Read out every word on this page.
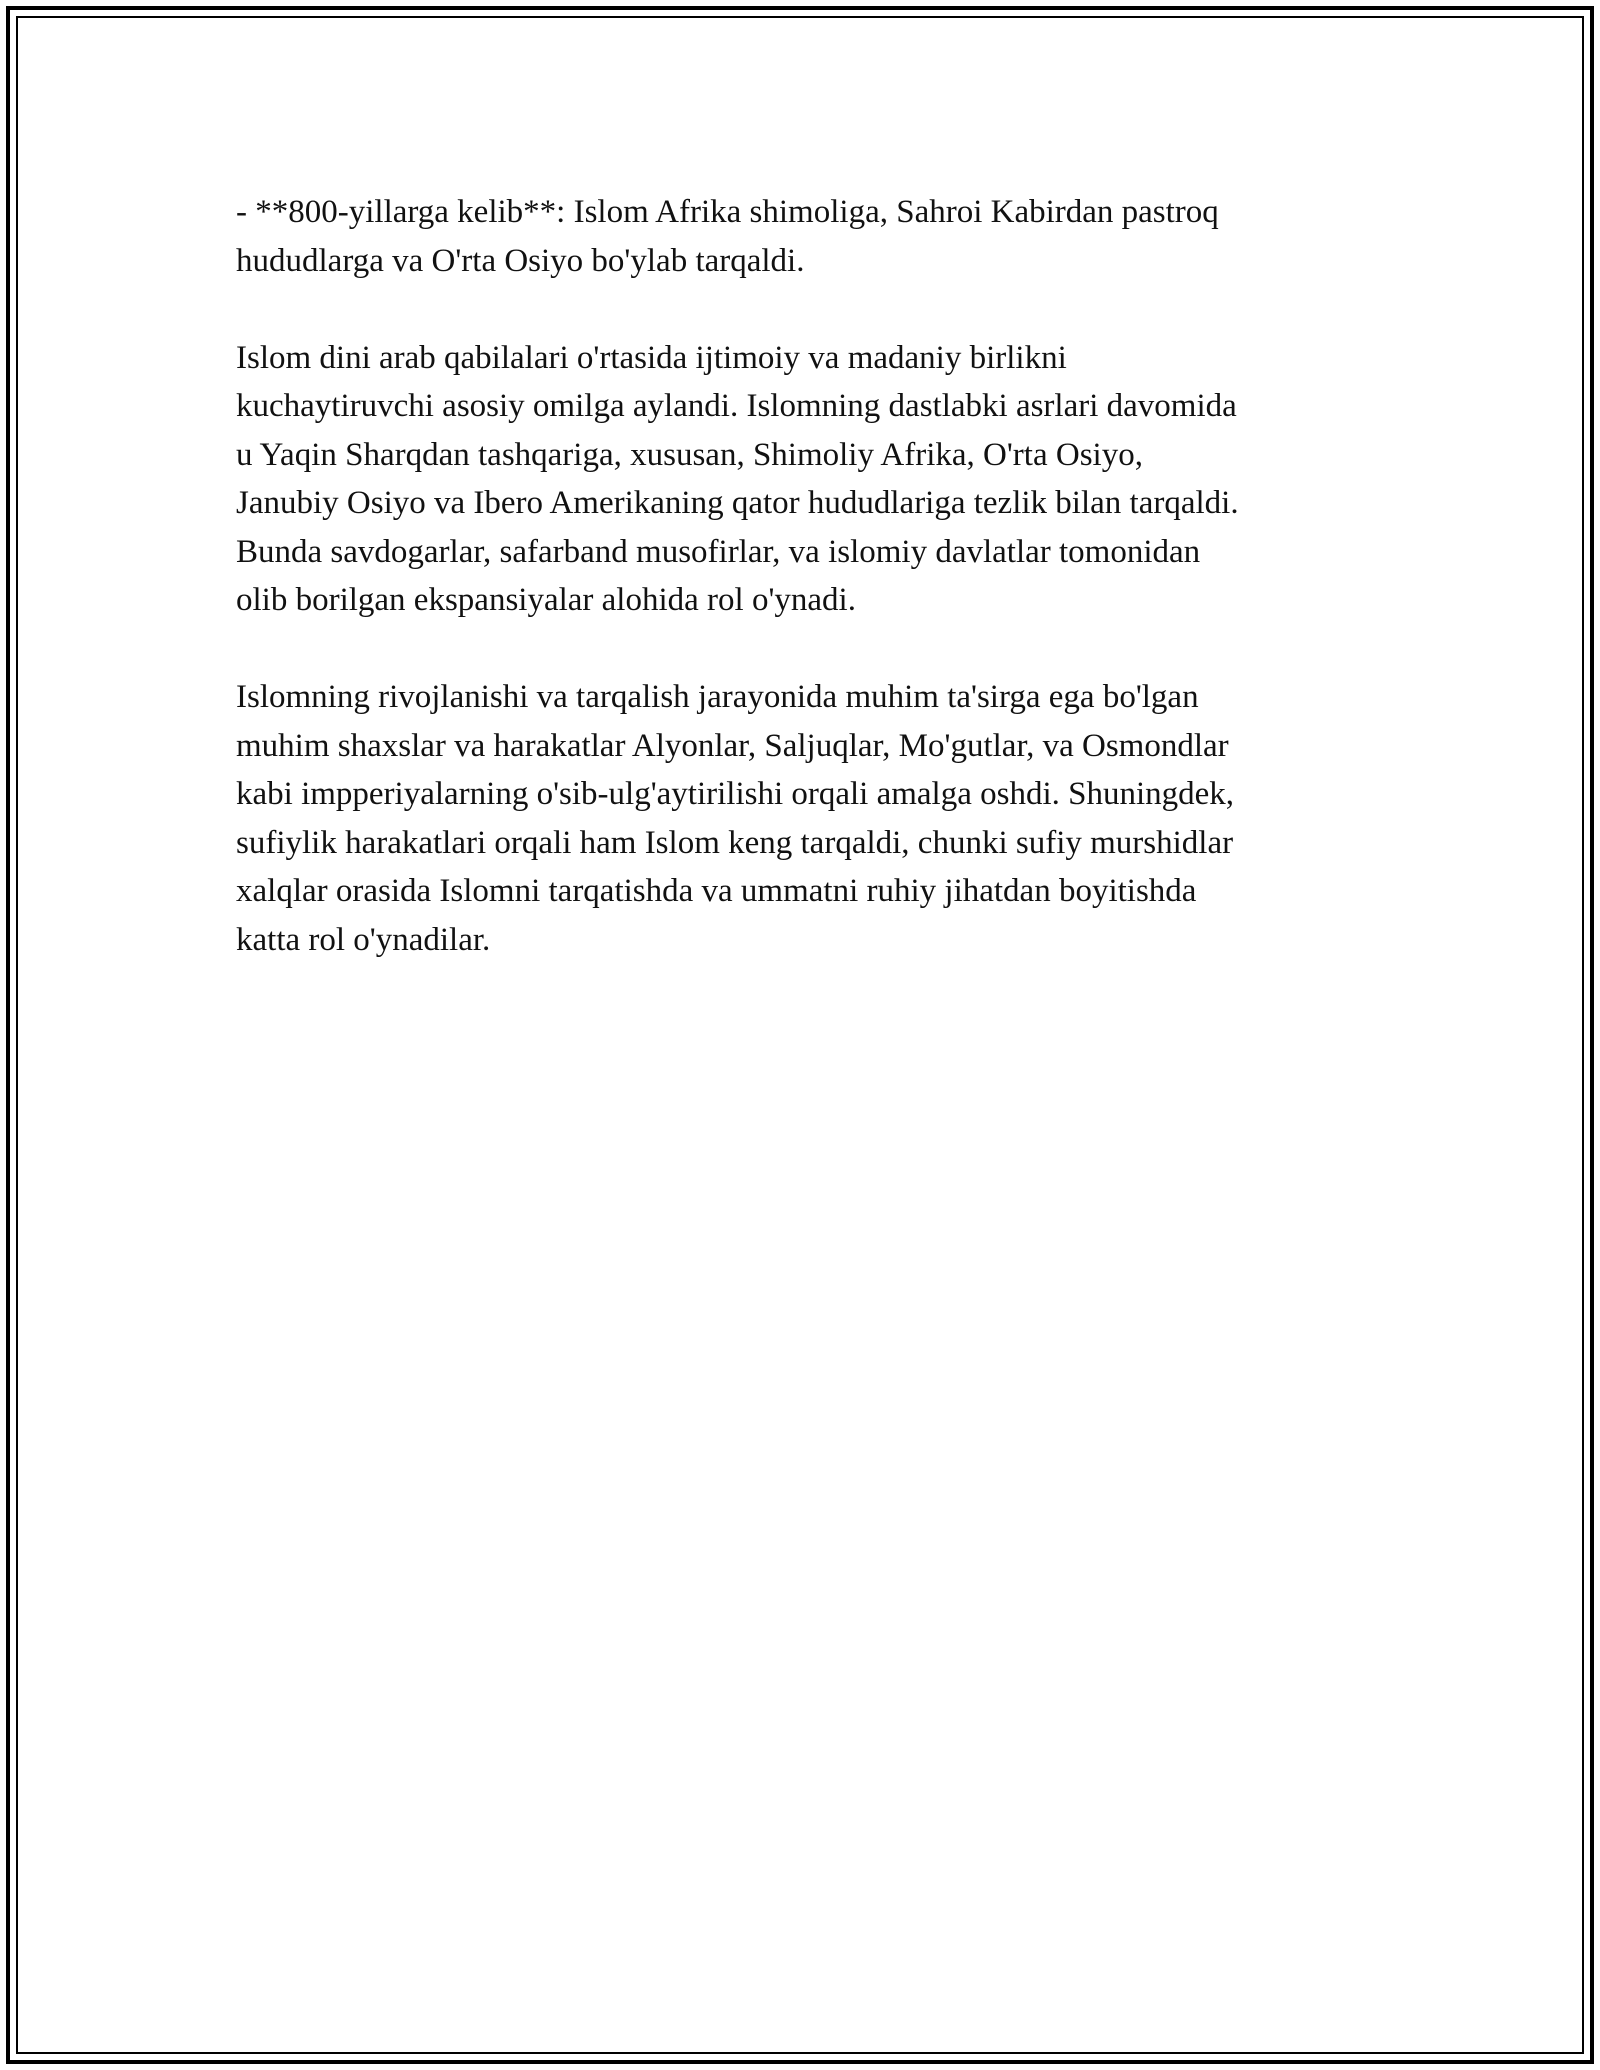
- **800-yillarga kelib**: Islom Afrika shimoliga, Sahroi Kabirdan pastroq
hududlarga va O'rta Osiyo bo'ylab tarqaldi.

Islom dini arab qabilalari o'rtasida ijtimoiy va madaniy birlikni
kuchaytiruvchi asosiy omilga aylandi. Islomning dastlabki asrlari davomida
u Yaqin Sharqdan tashqariga, xususan, Shimoliy Afrika, O'rta Osiyo,
Janubiy Osiyo va Ibero Amerikaning qator hududlariga tezlik bilan tarqaldi.
Bunda savdogarlar, safarband musofirlar, va islomiy davlatlar tomonidan
olib borilgan ekspansiyalar alohida rol o'ynadi.

Islomning rivojlanishi va tarqalish jarayonida muhim ta'sirga ega bo'lgan
muhim shaxslar va harakatlar Alyonlar, Saljuqlar, Mo'gutlar, va Osmondlar
kabi impperiyalarning o'sib-ulg'aytirilishi orqali amalga oshdi. Shuningdek,
sufiylik harakatlari orqali ham Islom keng tarqaldi, chunki sufiy murshidlar
xalqlar orasida Islomni tarqatishda va ummatni ruhiy jihatdan boyitishda
katta rol o'ynadilar.
